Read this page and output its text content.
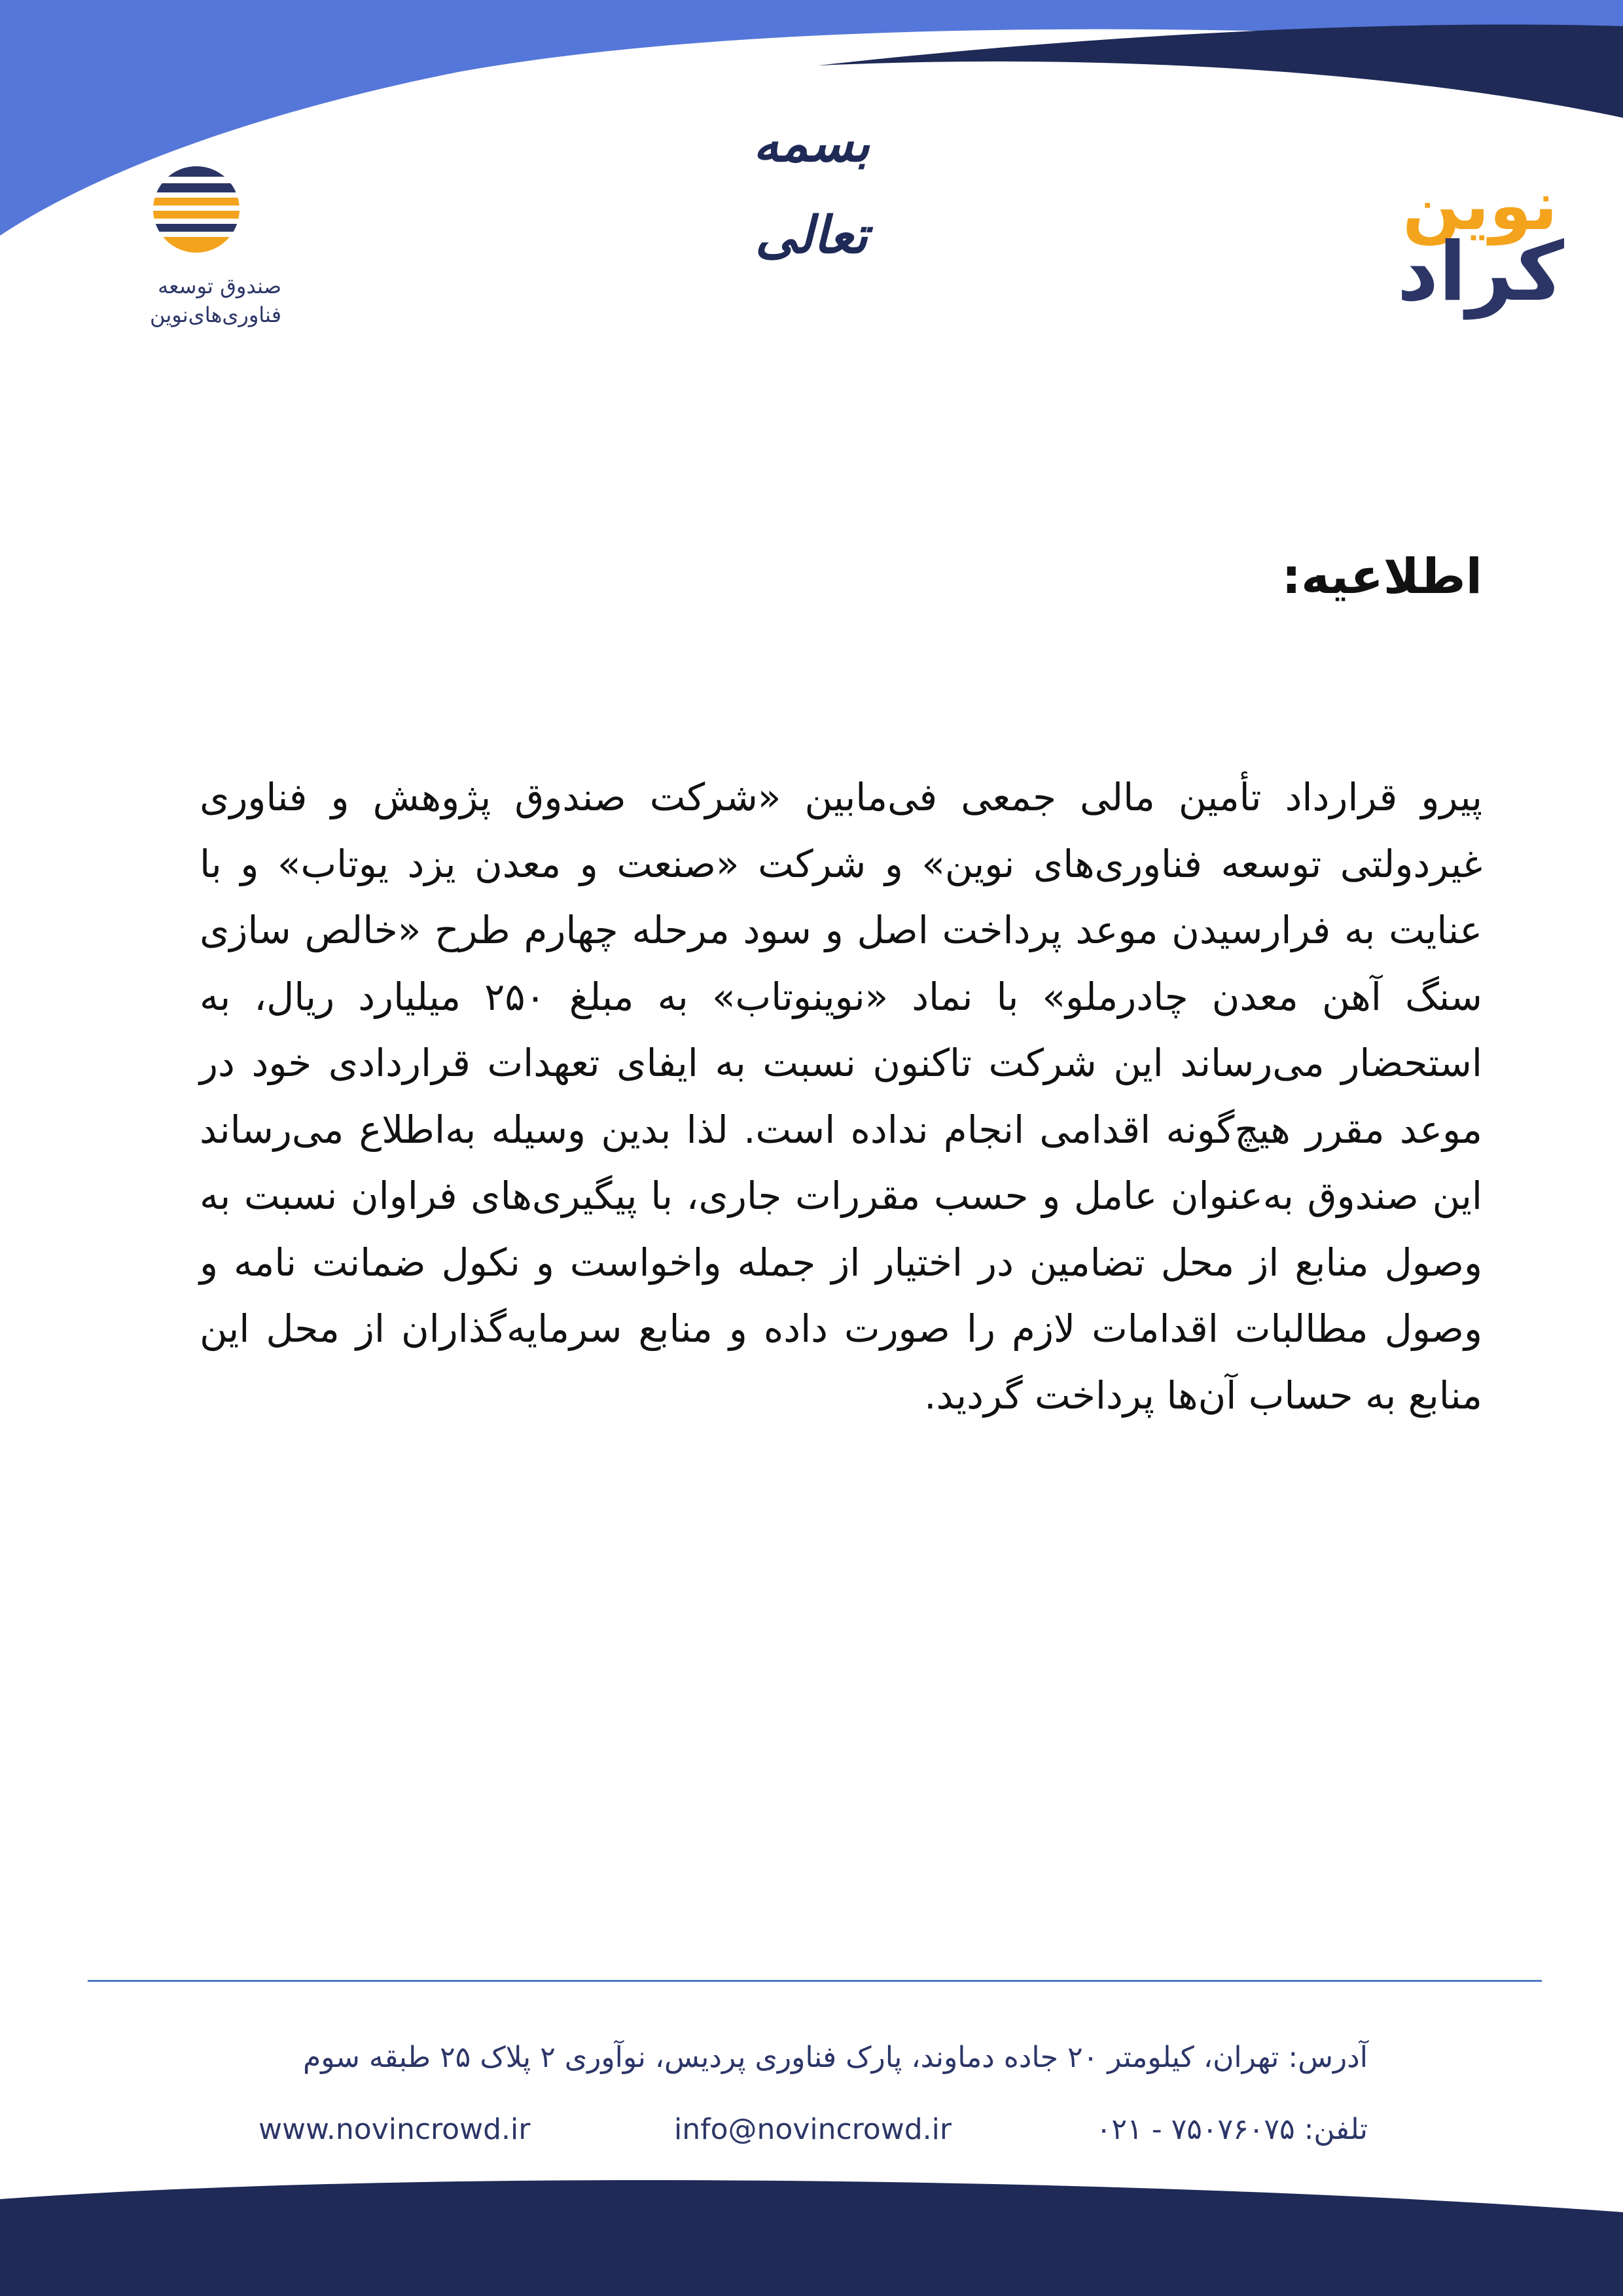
بسمه تعالی	نوین
کراد
صندوق توسعه
فناوری‌های‌نوین
اطلاعیه:
پیرو قرارداد تأمین مالی جمعی فی‌مابین «شرکت صندوق پژوهش و فناوری غیردولتی توسعه فناوری‌های نوین» و شرکت «صنعت و معدن یزد یوتاب» و با عنایت به فرارسیدن موعد پرداخت اصل و سود مرحله چهارم طرح «خالص سازی سنگ آهن معدن چادرملو» با نماد «نوینوتاب» به مبلغ ۲۵۰ میلیارد ریال، به استحضار می‌رساند این شرکت تاکنون نسبت به ایفای تعهدات قراردادی خود در موعد مقرر هیچ‌گونه اقدامی انجام نداده است. لذا بدین وسیله به‌اطلاع می‌رساند این صندوق به‌عنوان عامل و حسب مقررات جاری، با پیگیری‌های فراوان نسبت به وصول منابع از محل تضامین در اختیار از جمله واخواست و نکول ضمانت نامه و وصول مطالبات اقدامات لازم را صورت داده و منابع سرمایه‌گذاران از محل این منابع به حساب آن‌ها پرداخت گردید.
آدرس: تهران، کیلومتر ۲۰ جاده دماوند، پارک فناوری پردیس، نوآوری ۲ پلاک ۲۵ طبقه سوم
تلفن: ۷۵۰۷۶۰۷۵ - ۰۲۱
info@novincrowd.ir
www.novincrowd.ir
